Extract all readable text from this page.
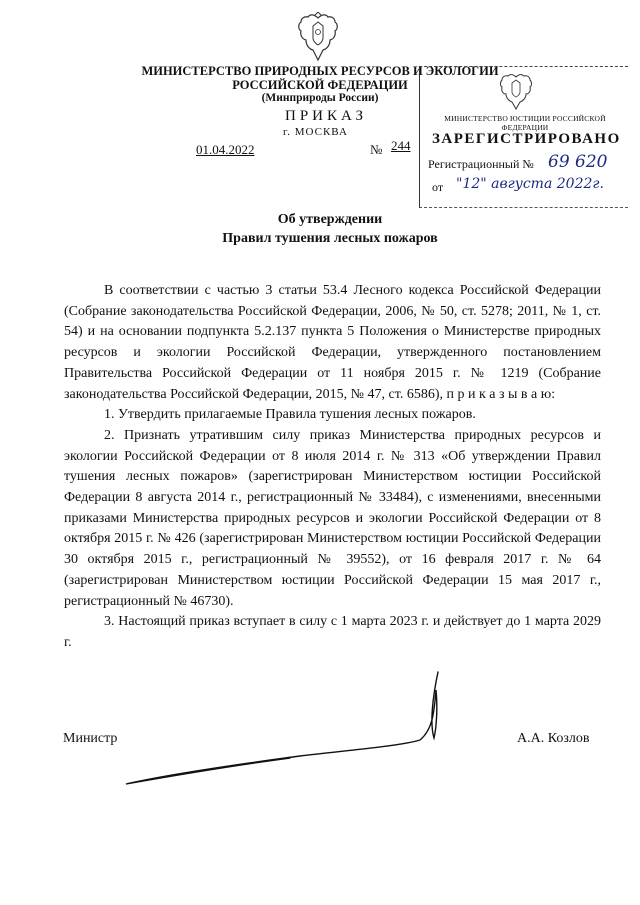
МИНИСТЕРСТВО ПРИРОДНЫХ РЕСУРСОВ И ЭКОЛОГИИ
РОССИЙСКОЙ ФЕДЕРАЦИИ
(Минприроды России)
ПРИКАЗ
г. МОСКВА
01.04.2022	№ 244
МИНИСТЕРСТВО ЮСТИЦИИ РОССИЙСКОЙ ФЕДЕРАЦИИ
ЗАРЕГИСТРИРОВАНО
Регистрационный № 69 620
от "12" августа 2022г.
Об утверждении
Правил тушения лесных пожаров

В соответствии с частью 3 статьи 53.4 Лесного кодекса Российской Федерации (Собрание законодательства Российской Федерации, 2006, № 50, ст. 5278; 2011, № 1, ст. 54) и на основании подпункта 5.2.137 пункта 5 Положения о Министерстве природных ресурсов и экологии Российской Федерации, утвержденного постановлением Правительства Российской Федерации от 11 ноября 2015 г. № 1219 (Собрание законодательства Российской Федерации, 2015, № 47, ст. 6586), п р и к а з ы в а ю:

1. Утвердить прилагаемые Правила тушения лесных пожаров.

2. Признать утратившим силу приказ Министерства природных ресурсов и экологии Российской Федерации от 8 июля 2014 г. № 313 «Об утверждении Правил тушения лесных пожаров» (зарегистрирован Министерством юстиции Российской Федерации 8 августа 2014 г., регистрационный № 33484), с изменениями, внесенными приказами Министерства природных ресурсов и экологии Российской Федерации от 8 октября 2015 г. № 426 (зарегистрирован Министерством юстиции Российской Федерации 30 октября 2015 г., регистрационный № 39552), от 16 февраля 2017 г. № 64 (зарегистрирован Министерством юстиции Российской Федерации 15 мая 2017 г., регистрационный № 46730).

3. Настоящий приказ вступает в силу с 1 марта 2023 г. и действует до 1 марта 2029 г.

Министр	А.А. Козлов
